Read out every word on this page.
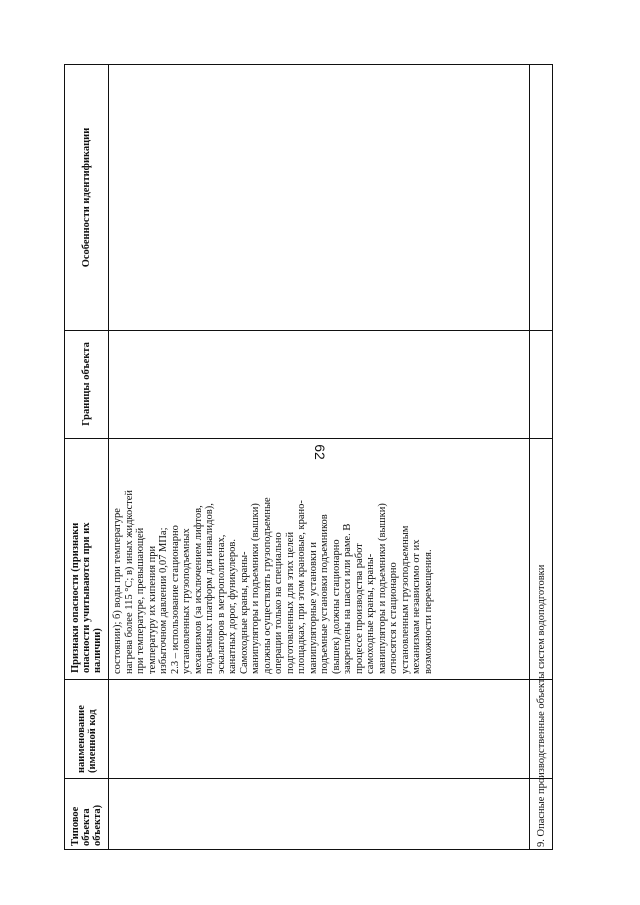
62
Особенности идентификации
Границы объекта
Признаки опасности (признаки опасности учитываются при их наличии)
наименование (именной код
Типовое объекта объекта)
состоянии); б) воды при температуре нагрева более 115 °С; в) иных жидкостей при температуре, превышающей температуру их кипения при избыточном давлении 0,07 МПа; 2.3 – использование стационарно установленных грузоподъемных механизмов (за исключением лифтов, подъемных платформ для инвалидов), эскалаторов в метрополитенах, канатных дорог, фуникулеров. Самоходные краны, краны- манипуляторы и подъемники (вышки) должны осуществлять грузоподъемные операции только на специально подготовленных для этих целей площадках, при этом крановые, крано- манипуляторные установки и подъемные установки подъемников (вышек) должны стационарно закреплены на шасси или раме. В процессе производства работ самоходные краны, краны- манипуляторы и подъемники (вышки) относятся к стационарно установленным грузоподъемным механизмам независимо от их возможности перемещения.	9. Опасные производственные объекты систем водоподготовки
